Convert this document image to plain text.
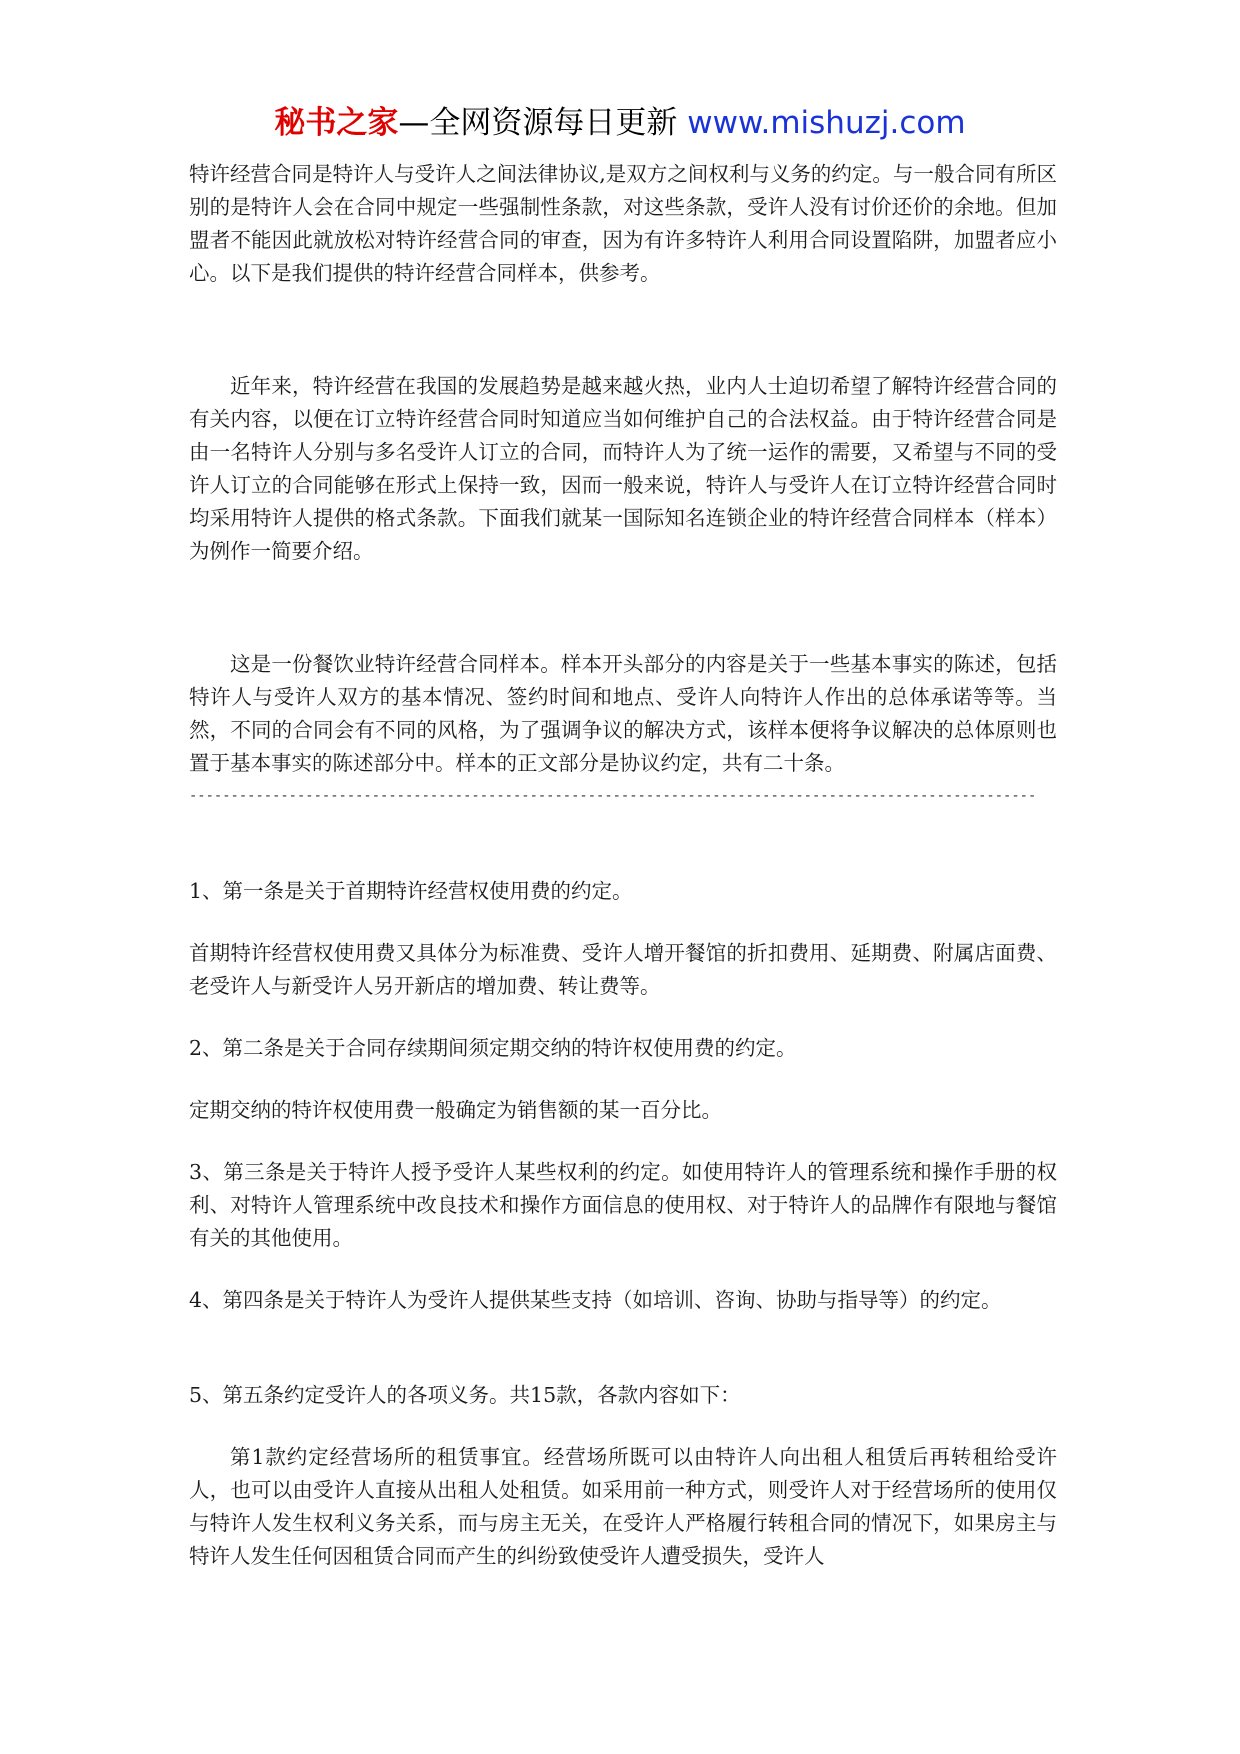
秘书之家—全网资源每日更新 www.mishuzj.com

特许经营合同是特许人与受许人之间法律协议,是双方之间权利与义务的约定。与一般合同有所区别的是特许人会在合同中规定一些强制性条款，对这些条款，受许人没有讨价还价的余地。但加盟者不能因此就放松对特许经营合同的审查，因为有许多特许人利用合同设置陷阱，加盟者应小心。以下是我们提供的特许经营合同样本，供参考。

近年来，特许经营在我国的发展趋势是越来越火热，业内人士迫切希望了解特许经营合同的有关内容，以便在订立特许经营合同时知道应当如何维护自己的合法权益。由于特许经营合同是由一名特许人分别与多名受许人订立的合同，而特许人为了统一运作的需要，又希望与不同的受许人订立的合同能够在形式上保持一致，因而一般来说，特许人与受许人在订立特许经营合同时均采用特许人提供的格式条款。下面我们就某一国际知名连锁企业的特许经营合同样本（样本）为例作一简要介绍。

这是一份餐饮业特许经营合同样本。样本开头部分的内容是关于一些基本事实的陈述，包括特许人与受许人双方的基本情况、签约时间和地点、受许人向特许人作出的总体承诺等等。当然，不同的合同会有不同的风格，为了强调争议的解决方式，该样本便将争议解决的总体原则也置于基本事实的陈述部分中。样本的正文部分是协议约定，共有二十条。

------------------------------------------------------------------------------------------------------

1、第一条是关于首期特许经营权使用费的约定。

首期特许经营权使用费又具体分为标准费、受许人增开餐馆的折扣费用、延期费、附属店面费、老受许人与新受许人另开新店的增加费、转让费等。

2、第二条是关于合同存续期间须定期交纳的特许权使用费的约定。

定期交纳的特许权使用费一般确定为销售额的某一百分比。

3、第三条是关于特许人授予受许人某些权利的约定。如使用特许人的管理系统和操作手册的权利、对特许人管理系统中改良技术和操作方面信息的使用权、对于特许人的品牌作有限地与餐馆有关的其他使用。

4、第四条是关于特许人为受许人提供某些支持（如培训、咨询、协助与指导等）的约定。

5、第五条约定受许人的各项义务。共15款，各款内容如下：

第1款约定经营场所的租赁事宜。经营场所既可以由特许人向出租人租赁后再转租给受许人，也可以由受许人直接从出租人处租赁。如采用前一种方式，则受许人对于经营场所的使用仅与特许人发生权利义务关系，而与房主无关，在受许人严格履行转租合同的情况下，如果房主与特许人发生任何因租赁合同而产生的纠纷致使受许人遭受损失，受许人
